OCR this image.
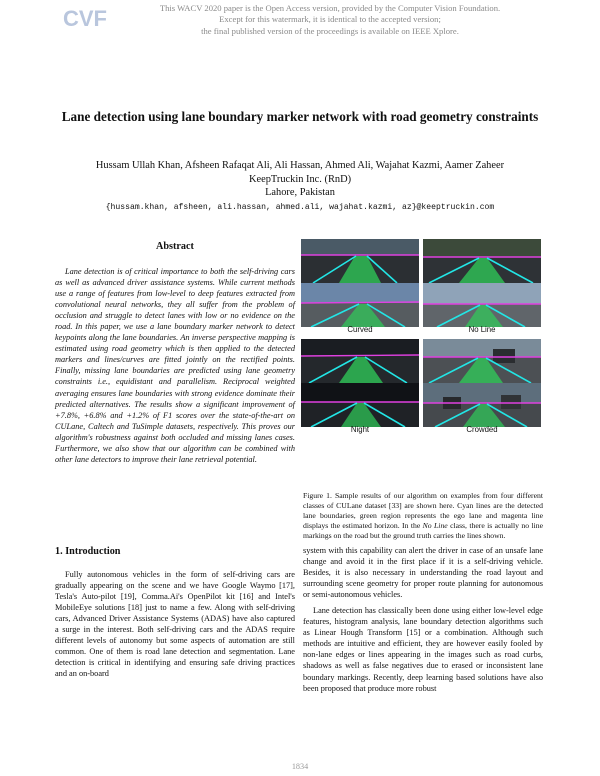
CVF	This WACV 2020 paper is the Open Access version, provided by the Computer Vision Foundation.
Except for this watermark, it is identical to the accepted version;
the final published version of the proceedings is available on IEEE Xplore.
Lane detection using lane boundary marker network with road geometry constraints
Hussam Ullah Khan, Afsheen Rafaqat Ali, Ali Hassan, Ahmed Ali, Wajahat Kazmi, Aamer Zaheer
KeepTruckin Inc. (RnD)
Lahore, Pakistan
{hussam.khan, afsheen, ali.hassan, ahmed.ali, wajahat.kazmi, az}@keeptruckin.com
Abstract

Lane detection is of critical importance to both the self-driving cars as well as advanced driver assistance systems. While current methods use a range of features from low-level to deep features extracted from convolutional neural networks, they all suffer from the problem of occlusion and struggle to detect lanes with low or no evidence on the road. In this paper, we use a lane boundary marker network to detect keypoints along the lane boundaries. An inverse perspective mapping is estimated using road geometry which is then applied to the detected markers and lines/curves are fitted jointly on the rectified points. Finally, missing lane boundaries are predicted using lane geometry constraints i.e., equidistant and parallelism. Reciprocal weighted averaging ensures lane boundaries with strong evidence dominate their predicted alternatives. The results show a significant improvement of +7.8%, +6.8% and +1.2% of F1 scores over the state-of-the-art on CULane, Caltech and TuSimple datasets, respectively. This proves our algorithm's robustness against both occluded and missing lanes cases. Furthermore, we also show that our algorithm can be combined with other lane detectors to improve their lane retrieval potential.

1. Introduction

Fully autonomous vehicles in the form of self-driving cars are gradually appearing on the scene and we have Google Waymo [17], Tesla's Auto-pilot [19], Comma.Ai's OpenPilot kit [16] and Intel's MobileEye solutions [18] just to name a few. Along with self-driving cars, Advanced Driver Assistance Systems (ADAS) have also captured a surge in the interest. Both self-driving cars and the ADAS require different levels of autonomy but some aspects of automation are still common. One of them is road lane detection and segmentation. Lane detection is critical in identifying and ensuring safe driving practices and an on-board

Curved	No Line
Night	Crowded
Figure 1. Sample results of our algorithm on examples from four different classes of CULane dataset [33] are shown here. Cyan lines are the detected lane boundaries, green region represents the ego lane and magenta line displays the estimated horizon. In the No Line class, there is actually no line markings on the road but the ground truth carries the lines shown.

system with this capability can alert the driver in case of an unsafe lane change and avoid it in the first place if it is a self-driving vehicle. Besides, it is also necessary in understanding the road layout and surrounding scene geometry for proper route planning for autonomous or semi-autonomous vehicles.

Lane detection has classically been done using either low-level edge features, histogram analysis, lane boundary detection algorithms such as Linear Hough Transform [15] or a combination. Although such methods are intuitive and efficient, they are however easily fooled by non-lane edges or lines appearing in the images such as road curbs, shadows as well as false negatives due to erased or inconsistent lane boundary markings. Recently, deep learning based solutions have also been proposed that produce more robust

1834
